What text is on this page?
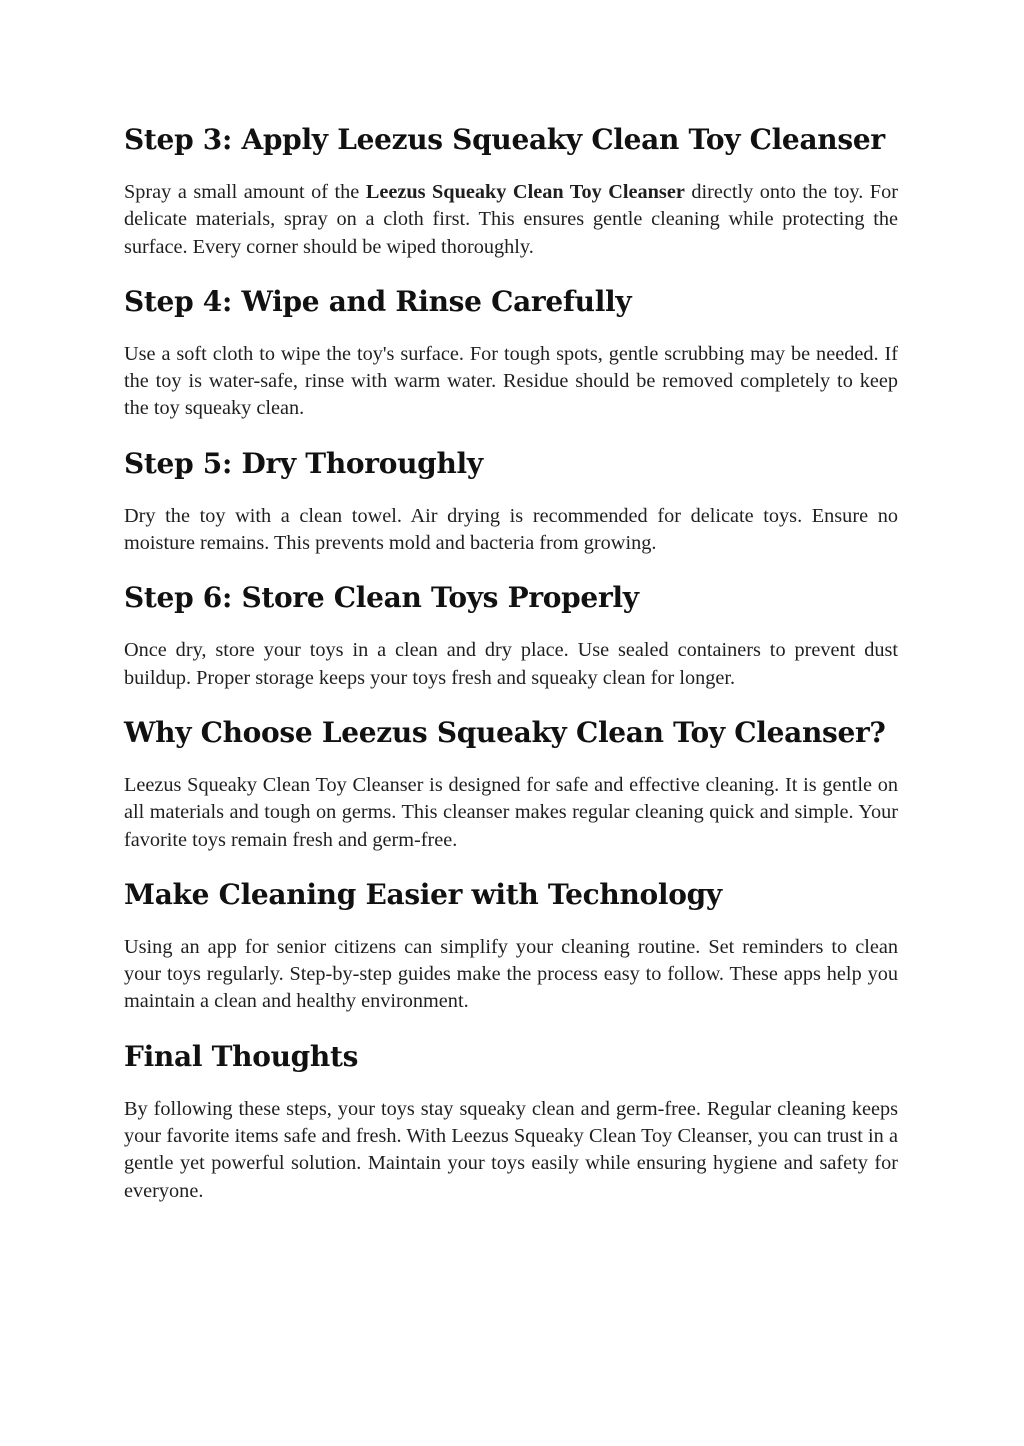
Step 3: Apply Leezus Squeaky Clean Toy Cleanser

Spray a small amount of the Leezus Squeaky Clean Toy Cleanser directly onto the toy. For delicate materials, spray on a cloth first. This ensures gentle cleaning while protecting the surface. Every corner should be wiped thoroughly.

Step 4: Wipe and Rinse Carefully

Use a soft cloth to wipe the toy's surface. For tough spots, gentle scrubbing may be needed. If the toy is water-safe, rinse with warm water. Residue should be removed completely to keep the toy squeaky clean.

Step 5: Dry Thoroughly

Dry the toy with a clean towel. Air drying is recommended for delicate toys. Ensure no moisture remains. This prevents mold and bacteria from growing.

Step 6: Store Clean Toys Properly

Once dry, store your toys in a clean and dry place. Use sealed containers to prevent dust buildup. Proper storage keeps your toys fresh and squeaky clean for longer.

Why Choose Leezus Squeaky Clean Toy Cleanser?

Leezus Squeaky Clean Toy Cleanser is designed for safe and effective cleaning. It is gentle on all materials and tough on germs. This cleanser makes regular cleaning quick and simple. Your favorite toys remain fresh and germ-free.

Make Cleaning Easier with Technology

Using an app for senior citizens can simplify your cleaning routine. Set reminders to clean your toys regularly. Step-by-step guides make the process easy to follow. These apps help you maintain a clean and healthy environment.

Final Thoughts

By following these steps, your toys stay squeaky clean and germ-free. Regular cleaning keeps your favorite items safe and fresh. With Leezus Squeaky Clean Toy Cleanser, you can trust in a gentle yet powerful solution. Maintain your toys easily while ensuring hygiene and safety for everyone.
